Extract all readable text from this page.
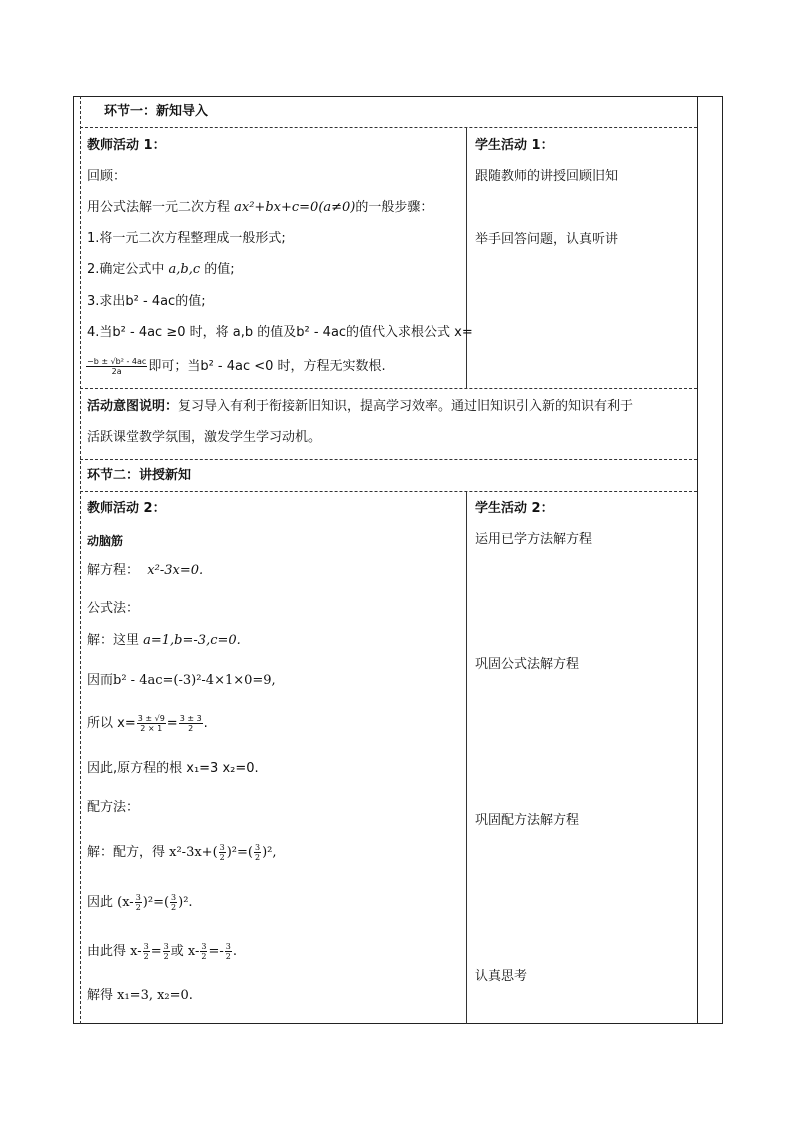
环节一：新知导入
教师活动 1：	学生活动 1：
回顾：
用公式法解一元二次方程 ax²+bx+c=0(a≠0)的一般步骤：
1.将一元二次方程整理成一般形式;
2.确定公式中 a,b,c 的值;
3.求出b² - 4ac的值;
4.当b² - 4ac ≥0 时，将 a,b 的值及b² - 4ac的值代入求根公式 x=
$\frac{\text{−b ± √b² - 4ac}}{2a}$ 即可；当b² - 4ac <0 时，方程无实数根.
跟随教师的讲授回顾旧知
举手回答问题，认真听讲
活动意图说明：复习导入有利于衔接新旧知识，提高学习效率。通过旧知识引入新的知识有利于
活跃课堂教学氛围，激发学生学习动机。
环节二：讲授新知
教师活动 2：	学生活动 2：
动脑筋
解方程： x²-3x=0.
公式法：
解：这里 a=1,b=-3,c=0.
因而b² - 4ac=(-3)²-4×1×0=9,
所以 $x= \frac{3 \pm √9}{2 \times 1} = \frac{3 \pm 3}{2}$ .
因此,原方程的根 x₁=3 x₂=0.
配方法：
解：配方，得 $x^2-3x+( \frac{3}{2} )^2=( \frac{3}{2} )^2$,
因此 $(x- \frac{3}{2} )^2=( \frac{3}{2} )^2$.
由此得 $x- \frac{3}{2} = \frac{3}{2}$ 或 $x- \frac{3}{2} =- \frac{3}{2}$ .
解得 x₁=3, x₂=0.
运用已学方法解方程
巩固公式法解方程
巩固配方法解方程
认真思考
